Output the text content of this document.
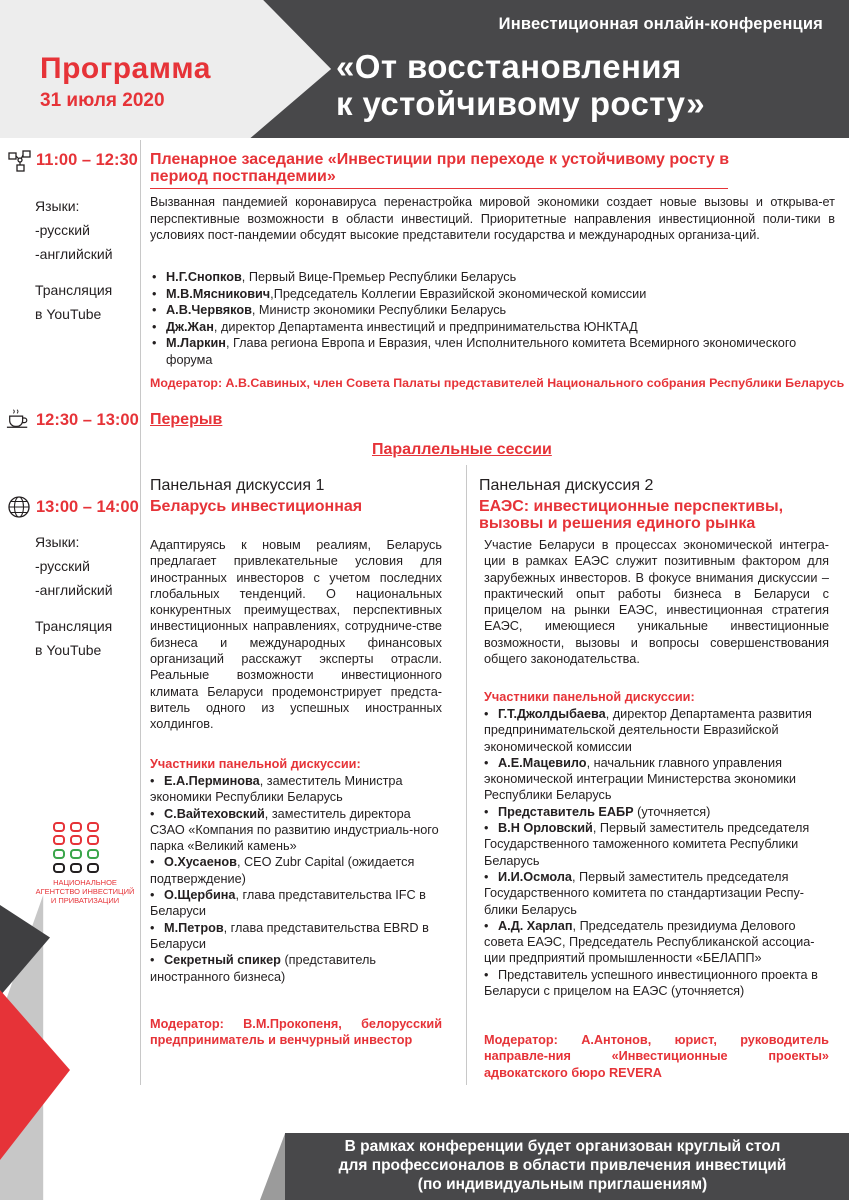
Инвестиционная онлайн-конференция
«От восстановления
к устойчивому росту»
Программа
31 июля 2020
11:00 – 12:30
Языки:
-русский
-английский
Трансляция
в YouTube
Пленарное заседание «Инвестиции при переходе к устойчивому росту в период постпандемии»
Вызванная пандемией коронавируса перенастройка мировой экономики создает новые вызовы и открыва-ет перспективные возможности в области инвестиций. Приоритетные направления инвестиционной поли-тики в условиях пост-пандемии обсудят высокие представители государства и международных организа-ций.
• Н.Г.Снопков, Первый Вице-Премьер Республики Беларусь
• М.В.Мясникович,Председатель Коллегии Евразийской экономической комиссии
• А.В.Червяков, Министр экономики Республики Беларусь
• Дж.Жан, директор Департамента инвестиций и предпринимательства ЮНКТАД
• М.Ларкин, Глава региона Европа и Евразия, член Исполнительного комитета Всемирного экономического форума
Модератор: А.В.Савиных, член Совета Палаты представителей Национального собрания Республики Беларусь
12:30 – 13:00 Перерыв
Параллельные сессии
13:00 – 14:00
Языки:
-русский
-английский
Трансляция
в YouTube
Панельная дискуссия 1
Беларусь инвестиционная
Адаптируясь к новым реалиям, Беларусь предлагает привлекательные условия для иностранных инвесторов с учетом последних глобальных тенденций. О национальных конкурентных преимуществах, перспективных инвестиционных направлениях, сотрудниче-стве бизнеса и международных финансовых организаций расскажут эксперты отрасли. Реальные возможности инвестиционного климата Беларуси продемонстрирует предста-витель одного из успешных иностранных холдингов.
Участники панельной дискуссии:
• Е.А.Перминова, заместитель Министра экономики Республики Беларусь
• С.Вайтеховский, заместитель директора СЗАО «Компания по развитию индустриаль-ного парка «Великий камень»
• О.Хусаенов, CEO Zubr Capital (ожидается подтверждение)
• О.Щербина, глава представительства IFC в Беларуси
• М.Петров, глава представительства EBRD в Беларуси
• Секретный спикер (представитель иностранного бизнеса)
Модератор: В.М.Прокопеня, белорусский предприниматель и венчурный инвестор
Панельная дискуссия 2
ЕАЭС: инвестиционные перспективы, вызовы и решения единого рынка
Участие Беларуси в процессах экономической интегра-ции в рамках ЕАЭС служит позитивным фактором для зарубежных инвесторов. В фокусе внимания дискуссии – практический опыт работы бизнеса в Беларуси с прицелом на рынки ЕАЭС, инвестиционная стратегия ЕАЭС, имеющиеся уникальные инвестиционные возможности, вызовы и вопросы совершенствования общего законодательства.
Участники панельной дискуссии:
• Г.Т.Джолдыбаева, директор Департамента развития предпринимательской деятельности Евразийской экономической комиссии
• А.Е.Мацевило, начальник главного управления экономической интеграции Министерства экономики Республики Беларусь
• Представитель ЕАБР (уточняется)
• В.Н Орловский, Первый заместитель председателя Государственного таможенного комитета Республики Беларусь
• И.И.Осмола, Первый заместитель председателя Государственного комитета по стандартизации Респу-блики Беларусь
• А.Д. Харлап, Председатель президиума Делового совета ЕАЭС, Председатель Республиканской ассоциа-ции предприятий промышленности «БЕЛАПП»
• Представитель успешного инвестиционного проекта в Беларуси с прицелом на ЕАЭС (уточняется)
Модератор: А.Антонов, юрист, руководитель направле-ния «Инвестиционные проекты» адвокатского бюро REVERA
НАЦИОНАЛЬНОЕ
АГЕНТСТВО ИНВЕСТИЦИЙ
И ПРИВАТИЗАЦИИ
В рамках конференции будет организован круглый стол
для профессионалов в области привлечения инвестиций
(по индивидуальным приглашениям)
